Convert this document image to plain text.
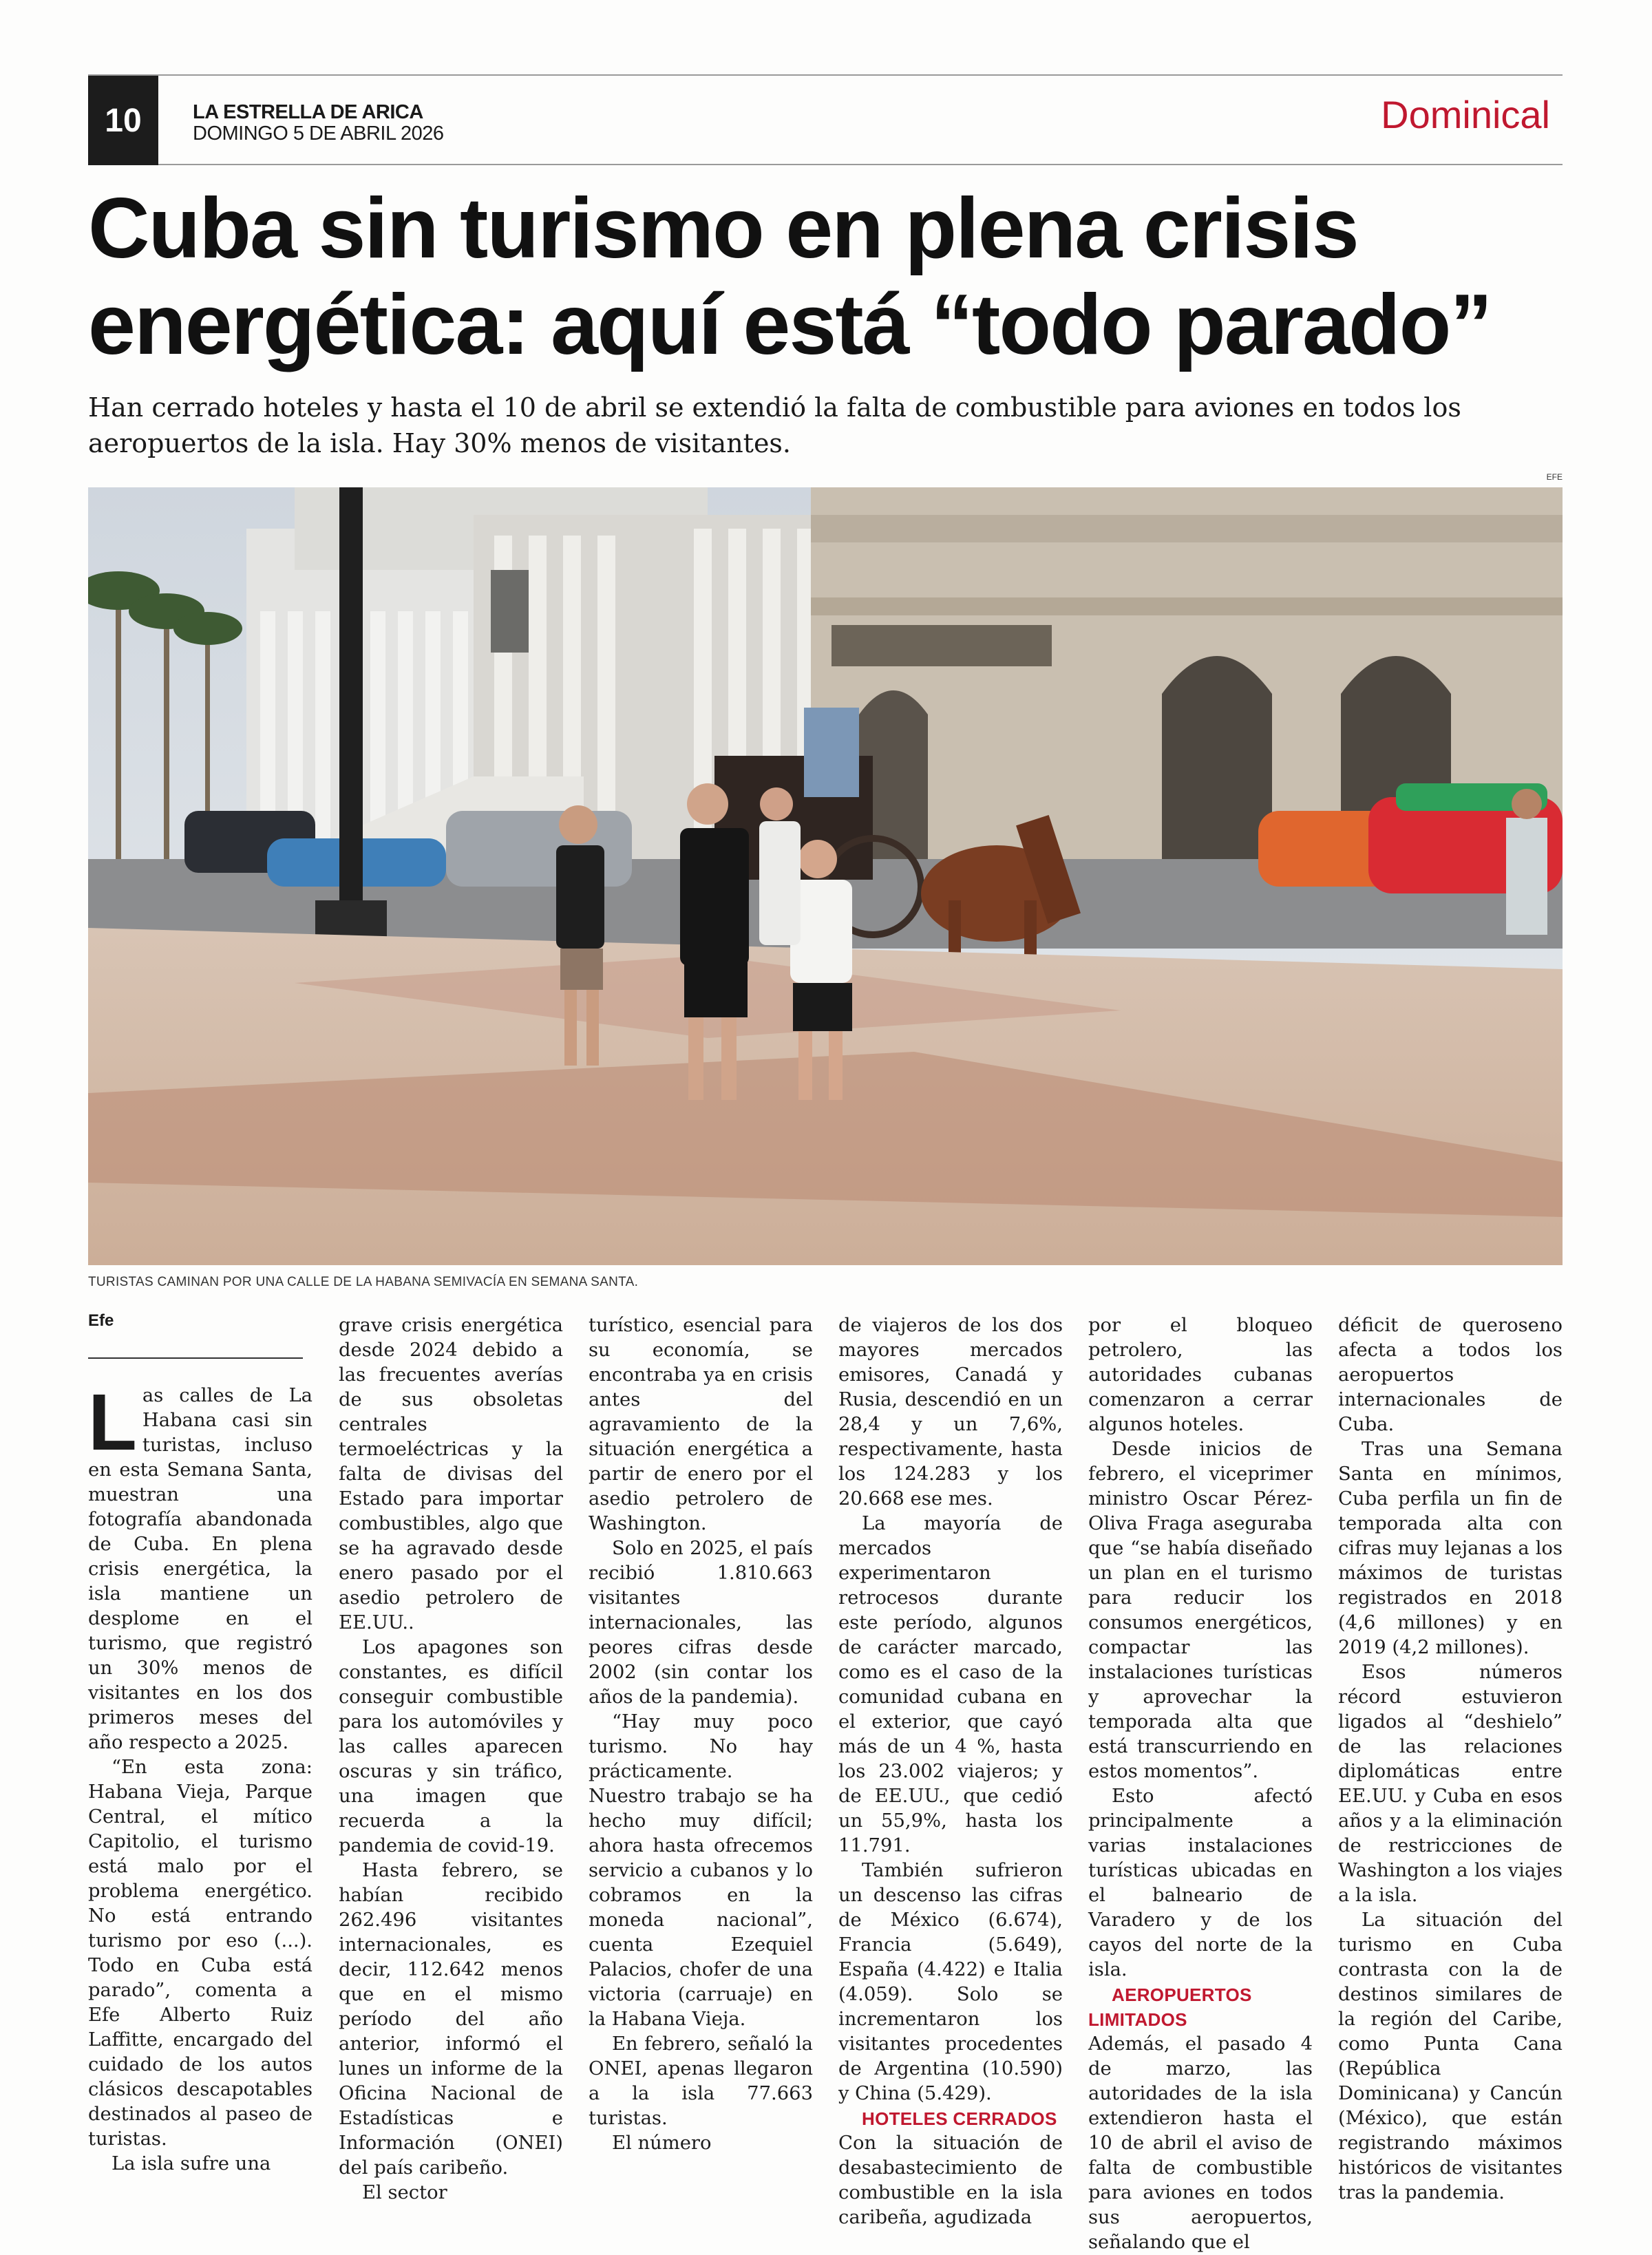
10	LA ESTRELLA DE ARICA
DOMINGO 5 DE ABRIL 2026	Dominical
Cuba sin turismo en plena crisis
energética: aquí está “todo parado”
Han cerrado hoteles y hasta el 10 de abril se extendió la falta de combustible para aviones en todos los aeropuertos de la isla. Hay 30% menos de visitantes.
EFE
TURISTAS CAMINAN POR UNA CALLE DE LA HABANA SEMIVACÍA EN SEMANA SANTA.
Efe

Las calles de La Habana casi sin turistas, incluso en esta Semana Santa, muestran una fotografía abandonada de Cuba. En plena crisis energética, la isla mantiene un desplome en el turismo, que registró un 30% menos de visitantes en los dos primeros meses del año respecto a 2025.

“En esta zona: Habana Vieja, Parque Central, el mítico Capitolio, el turismo está malo por el problema energético. No está entrando turismo por eso (...). Todo en Cuba está parado”, comenta a Efe Alberto Ruiz Laffitte, encargado del cuidado de los autos clásicos descapotables destinados al paseo de turistas.

La isla sufre una

grave crisis energética desde 2024 debido a las frecuentes averías de sus obsoletas centrales termoeléctricas y la falta de divisas del Estado para importar combustibles, algo que se ha agravado desde enero pasado por el asedio petrolero de EE.UU..

Los apagones son constantes, es difícil conseguir combustible para los automóviles y las calles aparecen oscuras y sin tráfico, una imagen que recuerda a la pandemia de covid-19.

Hasta febrero, se habían recibido 262.496 visitantes internacionales, es decir, 112.642 menos que en el mismo período del año anterior, informó el lunes un informe de la Oficina Nacional de Estadísticas e Información (ONEI) del país caribeño.

El sector

turístico, esencial para su economía, se encontraba ya en crisis antes del agravamiento de la situación energética a partir de enero por el asedio petrolero de Washington.

Solo en 2025, el país recibió 1.810.663 visitantes internacionales, las peores cifras desde 2002 (sin contar los años de la pandemia).

“Hay muy poco turismo. No hay prácticamente. Nuestro trabajo se ha hecho muy difícil; ahora hasta ofrecemos servicio a cubanos y lo cobramos en la moneda nacional”, cuenta Ezequiel Palacios, chofer de una victoria (carruaje) en la Habana Vieja.

En febrero, señaló la ONEI, apenas llegaron a la isla 77.663 turistas.

El número

de viajeros de los dos mayores mercados emisores, Canadá y Rusia, descendió en un 28,4 y un 7,6%, respectivamente, hasta los 124.283 y los 20.668 ese mes.

La mayoría de mercados experimentaron retrocesos durante este período, algunos de carácter marcado, como es el caso de la comunidad cubana en el exterior, que cayó más de un 4 %, hasta los 23.002 viajeros; y de EE.UU., que cedió un 55,9%, hasta los 11.791.

También sufrieron un descenso las cifras de México (6.674), Francia (5.649), España (4.422) e Italia (4.059). Solo se incrementaron los visitantes procedentes de Argentina (10.590) y China (5.429).

HOTELES CERRADOS

Con la situación de desabastecimiento de combustible en la isla caribeña, agudizada

por el bloqueo petrolero, las autoridades cubanas comenzaron a cerrar algunos hoteles.

Desde inicios de febrero, el viceprimer ministro Oscar Pérez-Oliva Fraga aseguraba que “se había diseñado un plan en el turismo para reducir los consumos energéticos, compactar las instalaciones turísticas y aprovechar la temporada alta que está transcurriendo en estos momentos”.

Esto afectó principalmente a varias instalaciones turísticas ubicadas en el balneario de Varadero y de los cayos del norte de la isla.

AEROPUERTOS LIMITADOS

Además, el pasado 4 de marzo, las autoridades de la isla extendieron hasta el 10 de abril el aviso de falta de combustible para aviones en todos sus aeropuertos, señalando que el

déficit de queroseno afecta a todos los aeropuertos internacionales de Cuba.

Tras una Semana Santa en mínimos, Cuba perfila un fin de temporada alta con cifras muy lejanas a los máximos de turistas registrados en 2018 (4,6 millones) y en 2019 (4,2 millones).

Esos números récord estuvieron ligados al “deshielo” de las relaciones diplomáticas entre EE.UU. y Cuba en esos años y a la eliminación de restricciones de Washington a los viajes a la isla.

La situación del turismo en Cuba contrasta con la de destinos similares de la región del Caribe, como Punta Cana (República Dominicana) y Cancún (México), que están registrando máximos históricos de visitantes tras la pandemia.
